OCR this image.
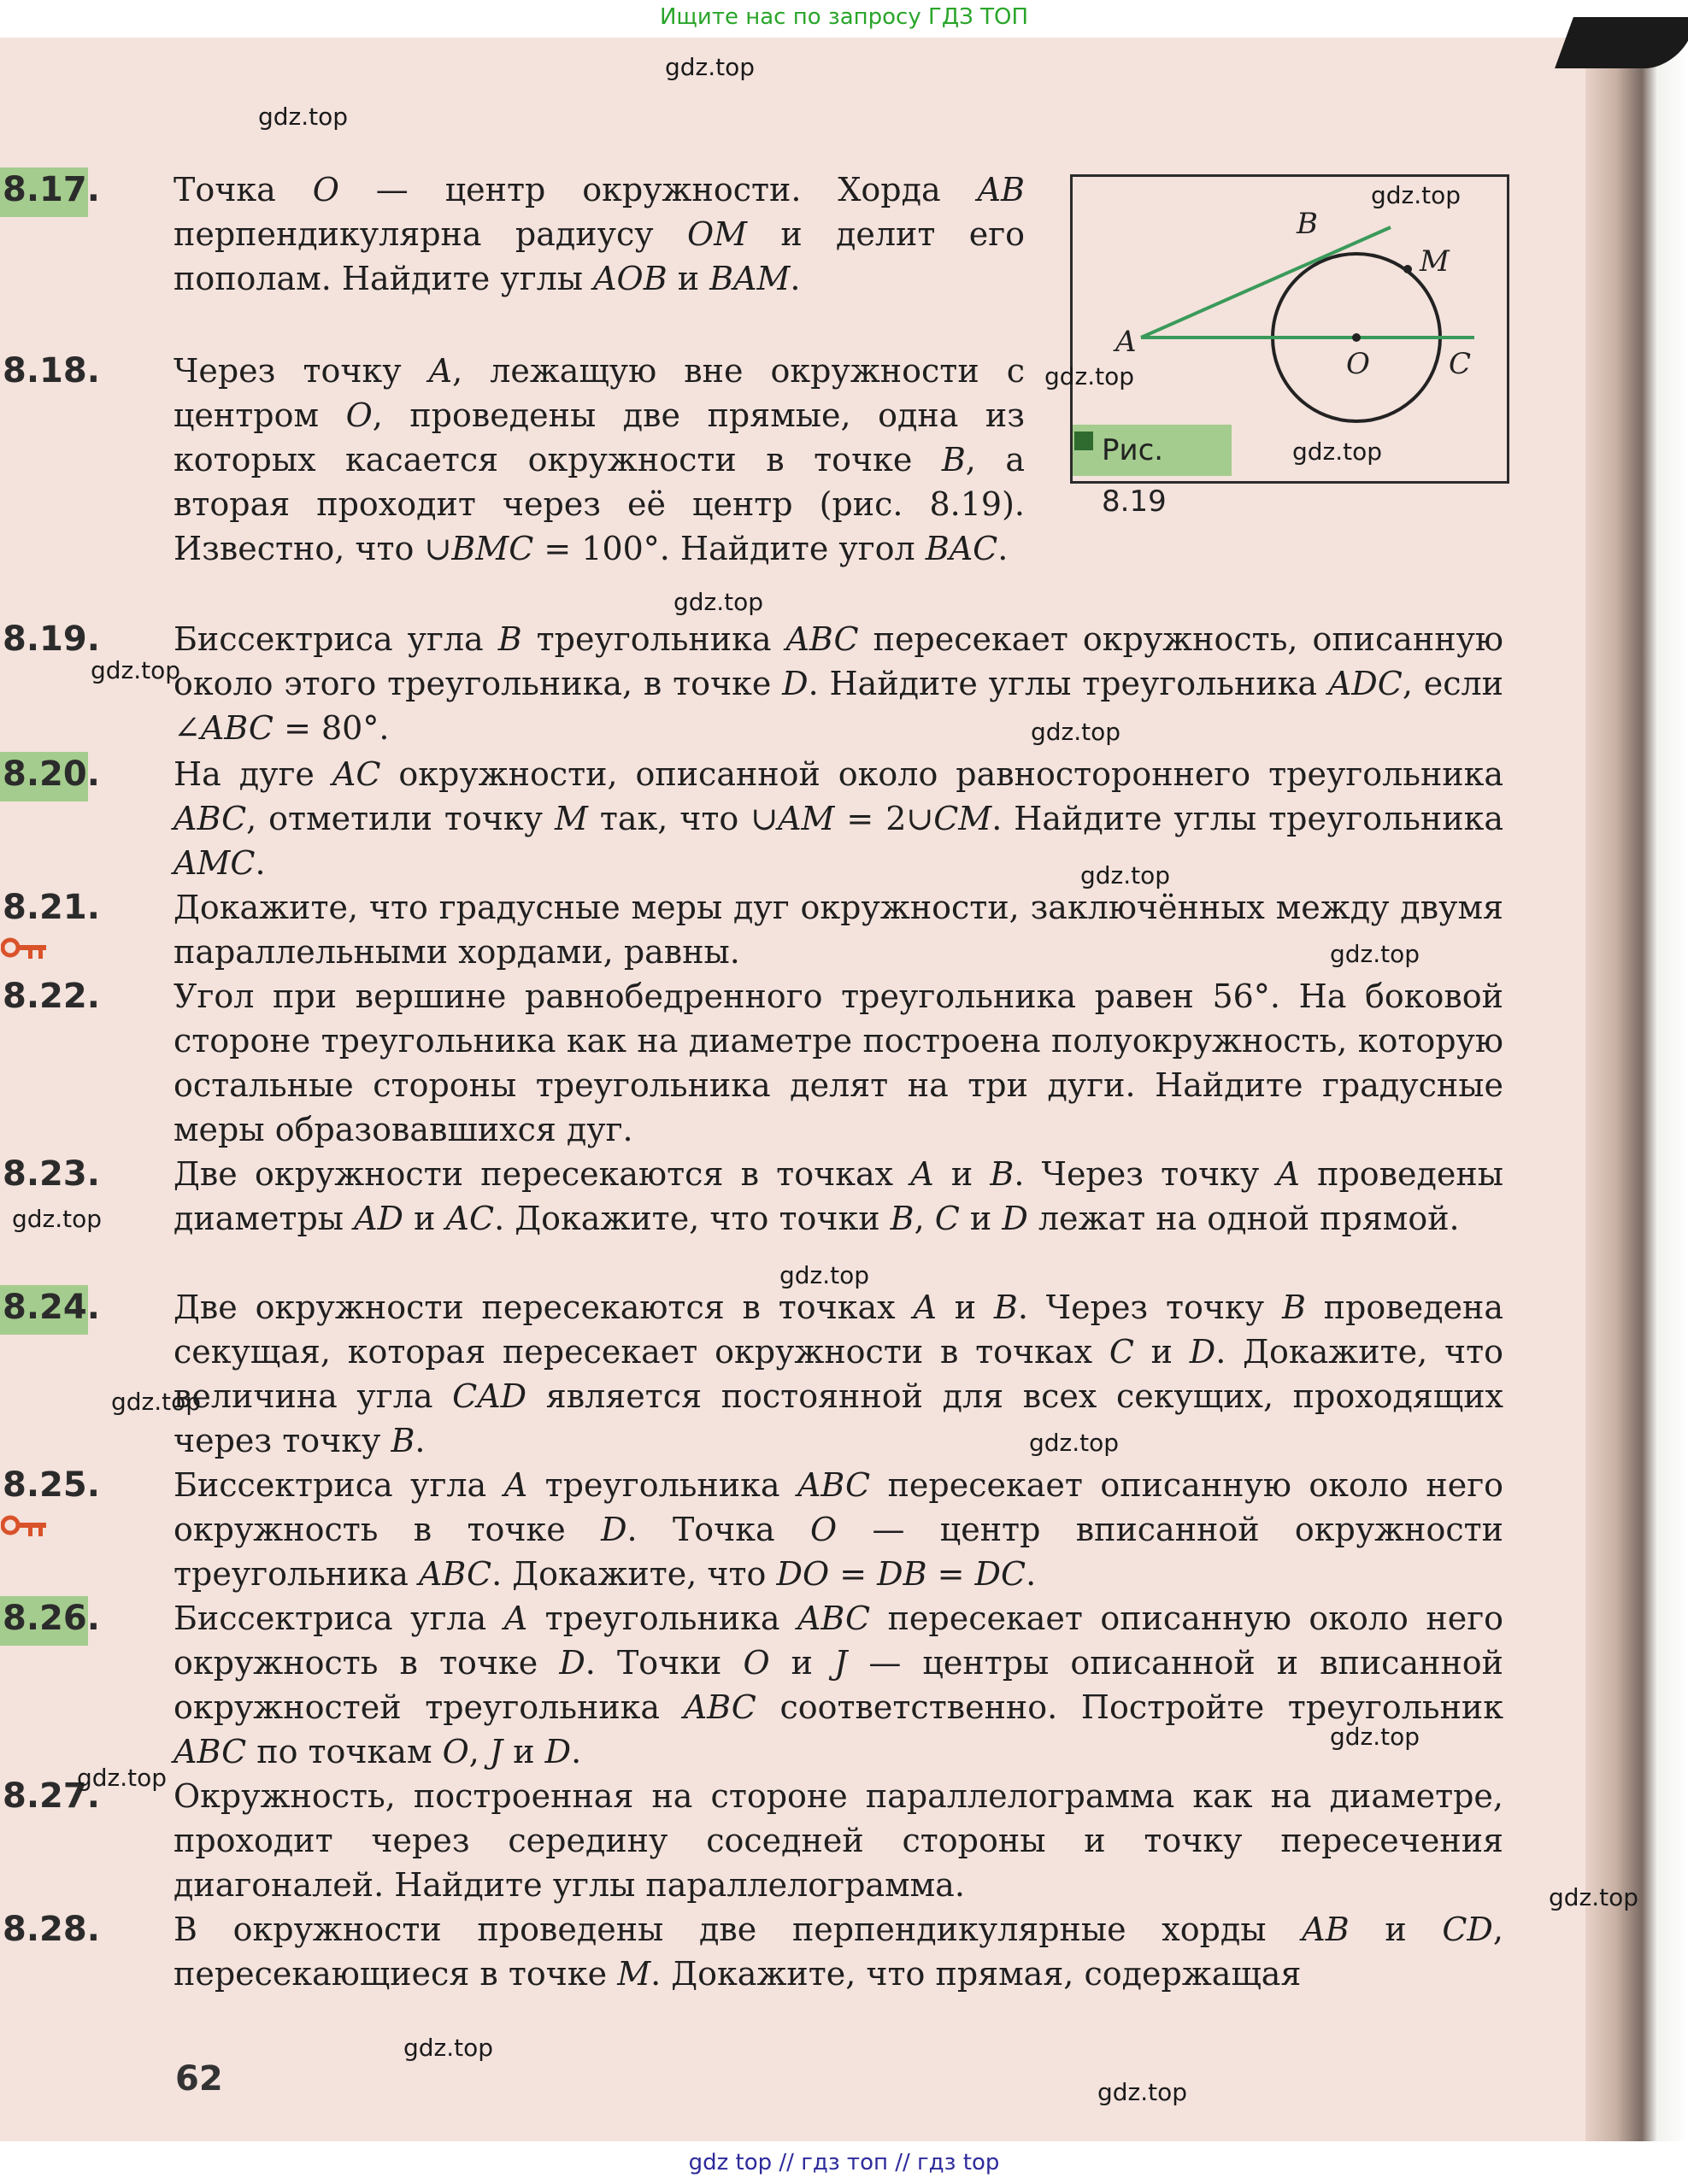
Ищите нас по запросу ГДЗ ТОП
A
B
M
O	C
Рис. 8.19
8.17. Точка O — центр окружности. Хорда AB перпендикулярна радиусу OM и делит его пополам. Найдите углы AOB и BAM.
8.18.	Через точку A, лежащую вне окружности с центром O, проведены две прямые, одна из которых касается окружности в точке B, а вторая проходит через её центр (рис. 8.19). Известно, что ∪BMC = 100°. Найдите угол BAC.
8.19.	Биссектриса угла B треугольника ABC пересекает окружность, описанную около этого треугольника, в точке D. Найдите углы треугольника ADC, если ∠ABC = 80°.
8.20. На дуге AC окружности, описанной около равностороннего треугольника ABC, отметили точку M так, что ∪AM = 2∪CM. Найдите углы треугольника AMC.
8.21.	Докажите, что градусные меры дуг окружности, заключённых между двумя параллельными хордами, равны.
8.22.	Угол при вершине равнобедренного треугольника равен 56°. На боковой стороне треугольника как на диаметре построена полуокружность, которую остальные стороны треугольника делят на три дуги. Найдите градусные меры образовавшихся дуг.
8.23.	Две окружности пересекаются в точках A и B. Через точку A проведены диаметры AD и AC. Докажите, что точки B, C и D лежат на одной прямой.
8.24. Две окружности пересекаются в точках A и B. Через точку B проведена секущая, которая пересекает окружности в точках C и D. Докажите, что величина угла CAD является постоянной для всех секущих, проходящих через точку B.
8.25.	Биссектриса угла A треугольника ABC пересекает описанную около него окружность в точке D. Точка O — центр вписанной окружности треугольника ABC. Докажите, что DO = DB = DC.
8.26. Биссектриса угла A треугольника ABC пересекает описанную около него окружность в точке D. Точки O и J — центры описанной и вписанной окружностей треугольника ABC соответственно. Постройте треугольник ABC по точкам O, J и D.
8.27.	Окружность, построенная на стороне параллелограмма как на диаметре, проходит через середину соседней стороны и точку пересечения диагоналей. Найдите углы параллелограмма.
8.28.	В окружности проведены две перпендикулярные хорды AB и CD, пересекающиеся в точке M. Докажите, что прямая, содержащая
62
gdz top // гдз топ // гдз top
gdz.top
gdz.top
gdz.top
gdz.top
gdz.top
gdz.top
gdz.top
gdz.top
gdz.top
gdz.top
gdz.top
gdz.top
gdz.top
gdz.top
gdz.top
gdz.top
gdz.top
gdz.top
gdz.top
